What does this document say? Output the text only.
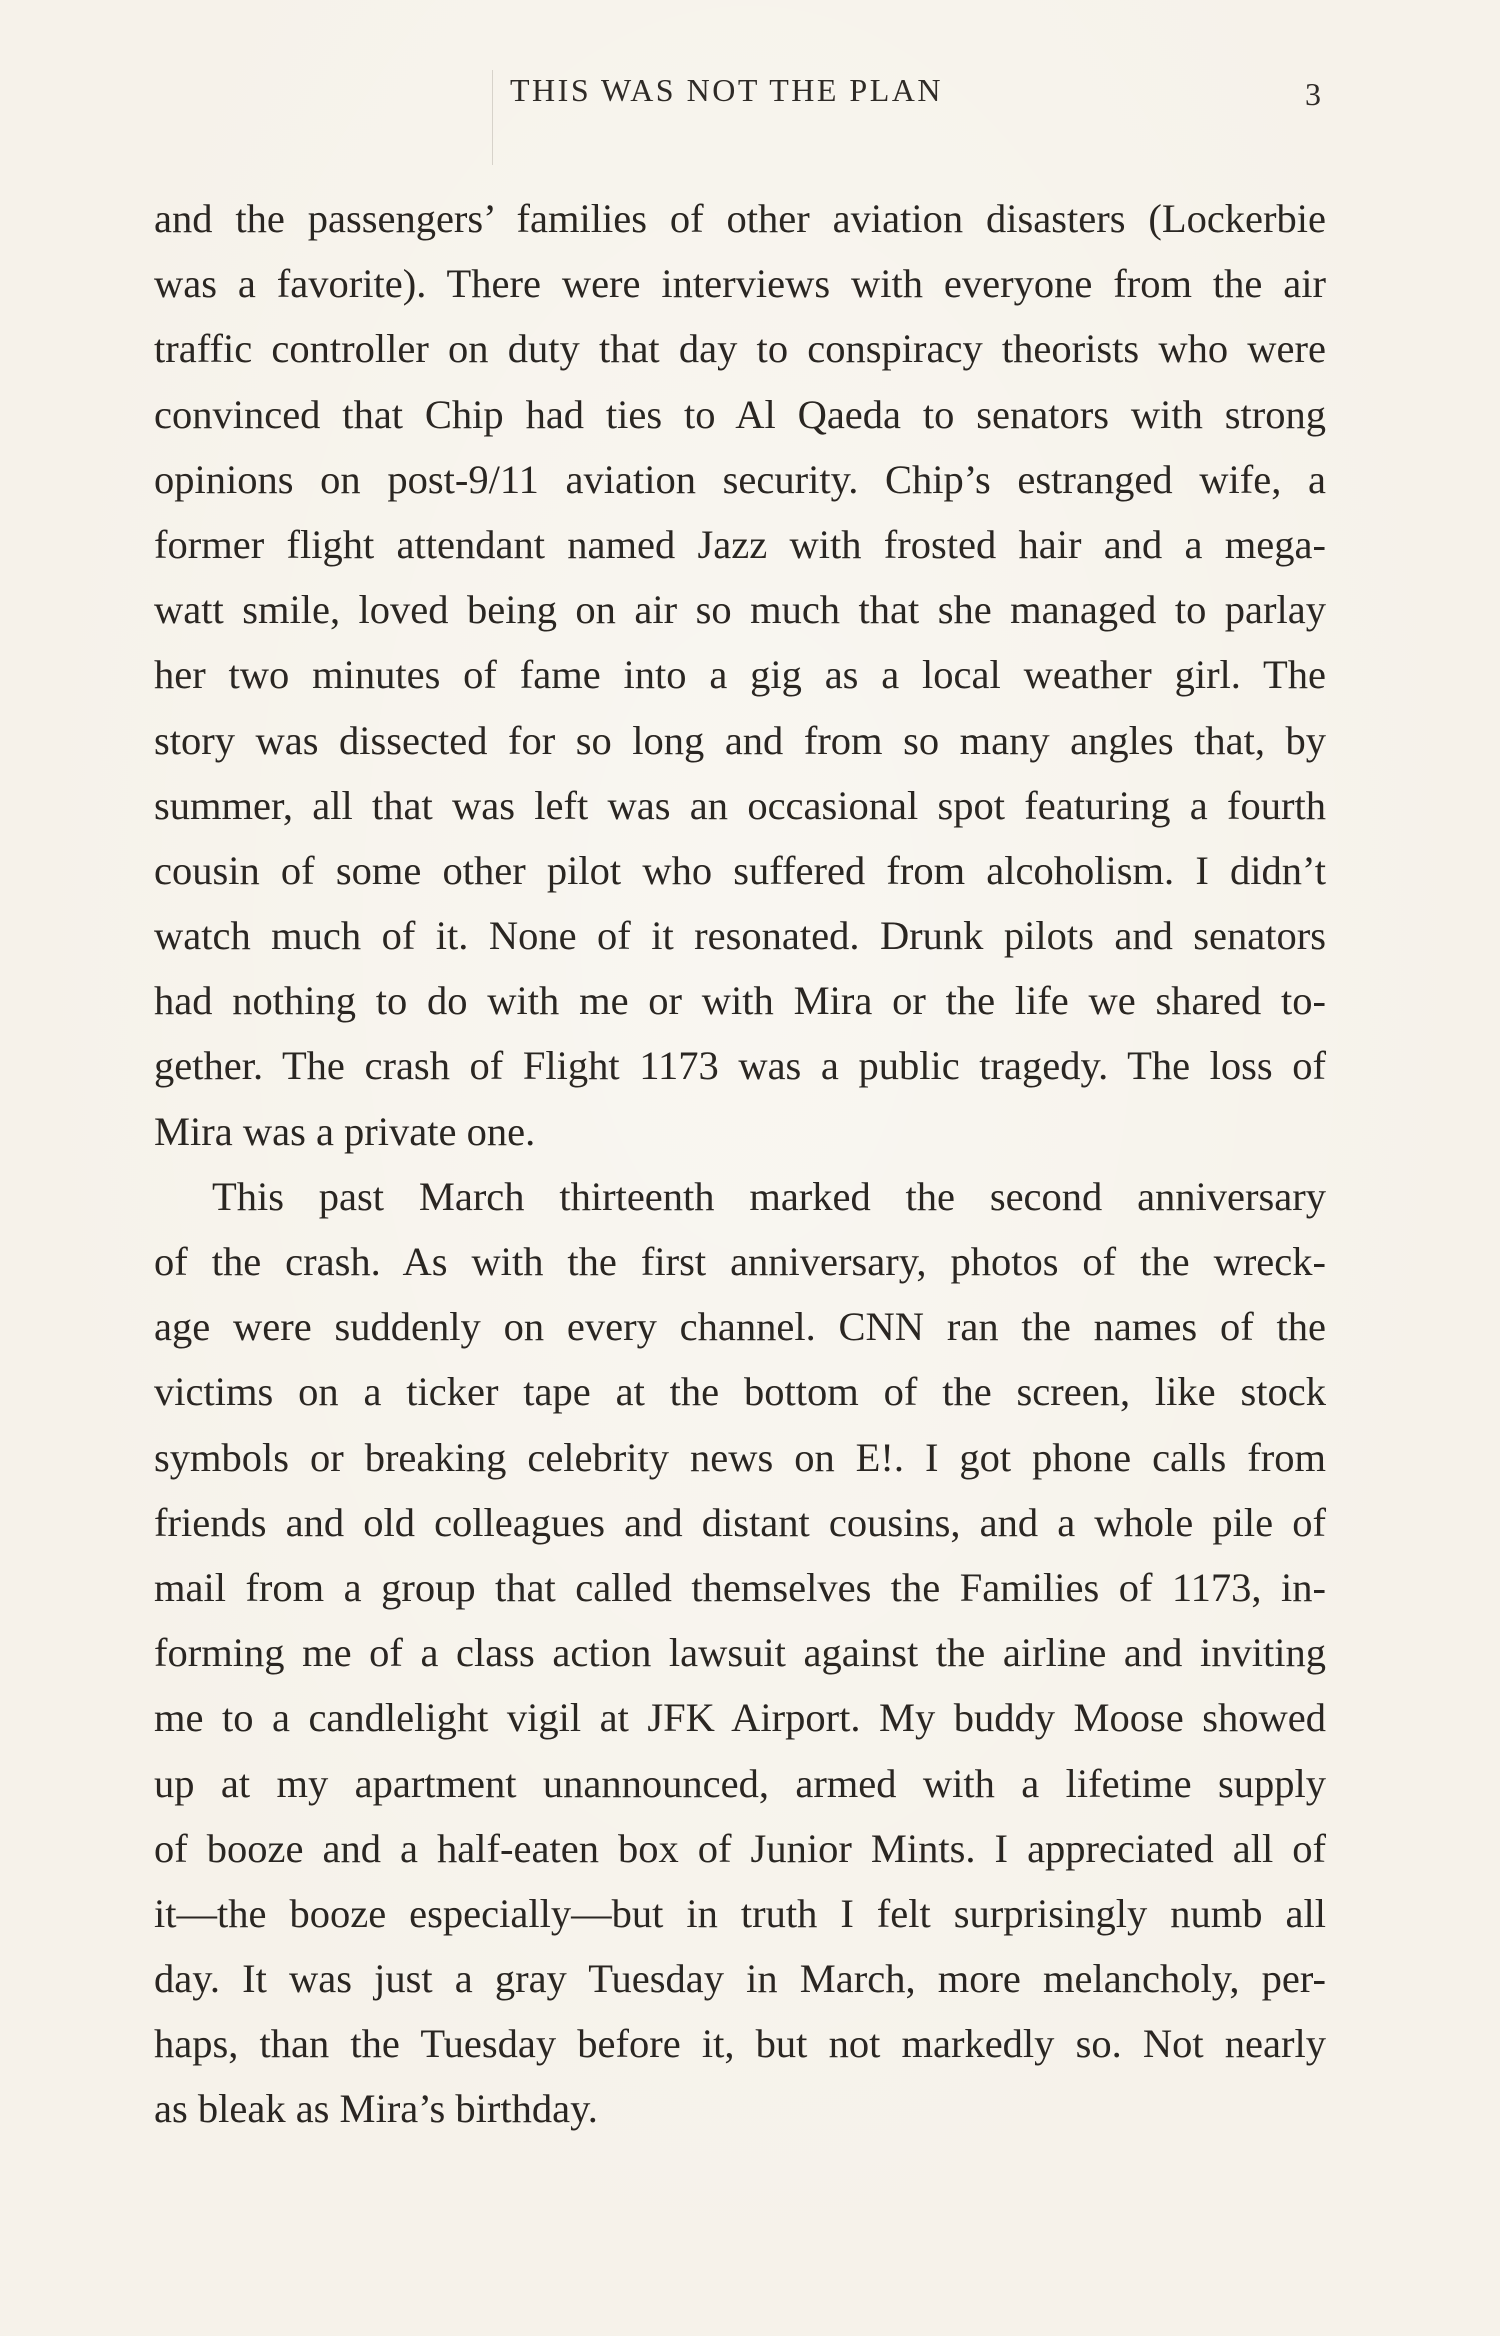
THIS WAS NOT THE PLAN	3
and the passengers’ families of other aviation disasters (Lockerbie
was a favorite). There were interviews with everyone from the air
traffic controller on duty that day to conspiracy theorists who were
convinced that Chip had ties to Al Qaeda to senators with strong
opinions on post-9/11 aviation security. Chip’s estranged wife, a
former flight attendant named Jazz with frosted hair and a mega-
watt smile, loved being on air so much that she managed to parlay
her two minutes of fame into a gig as a local weather girl. The
story was dissected for so long and from so many angles that, by
summer, all that was left was an occasional spot featuring a fourth
cousin of some other pilot who suffered from alcoholism. I didn’t
watch much of it. None of it resonated. Drunk pilots and senators
had nothing to do with me or with Mira or the life we shared to-
gether. The crash of Flight 1173 was a public tragedy. The loss of
Mira was a private one.
This past March thirteenth marked the second anniversary
of the crash. As with the first anniversary, photos of the wreck-
age were suddenly on every channel. CNN ran the names of the
victims on a ticker tape at the bottom of the screen, like stock
symbols or breaking celebrity news on E!. I got phone calls from
friends and old colleagues and distant cousins, and a whole pile of
mail from a group that called themselves the Families of 1173, in-
forming me of a class action lawsuit against the airline and inviting
me to a candlelight vigil at JFK Airport. My buddy Moose showed
up at my apartment unannounced, armed with a lifetime supply
of booze and a half-eaten box of Junior Mints. I appreciated all of
it—the booze especially—but in truth I felt surprisingly numb all
day. It was just a gray Tuesday in March, more melancholy, per-
haps, than the Tuesday before it, but not markedly so. Not nearly
as bleak as Mira’s birthday.
